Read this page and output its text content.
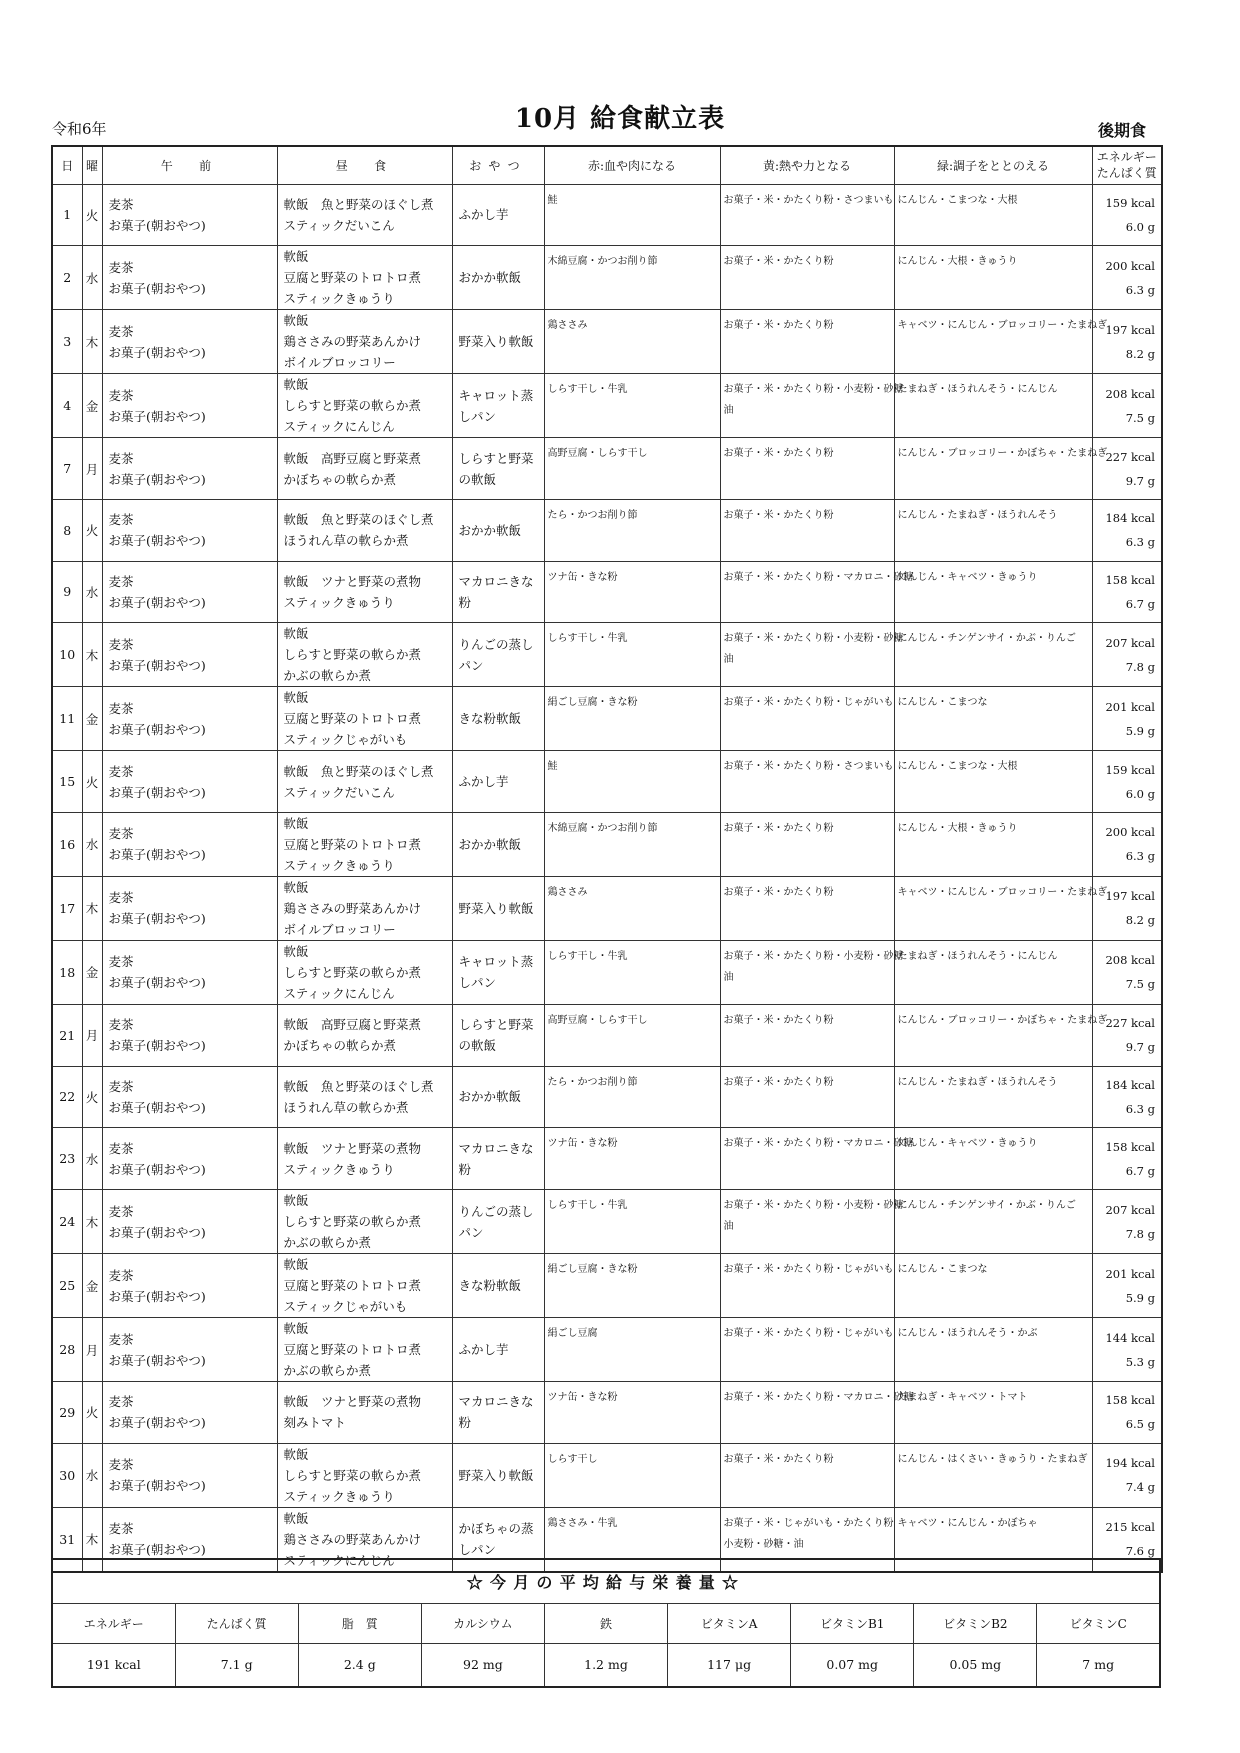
令和6年	10月 給食献立表	後期食
日	曜	午　前	昼　食	おやつ	赤:血や肉になる	黄:熱や力となる	緑:調子をととのえる	エネルギー
たんぱく質

1	火	麦茶
お菓子(朝おやつ)	軟飯　魚と野菜のほぐし煮
スティックだいこん	ふかし芋	鮭	お菓子・米・かたくり粉・さつまいも	にんじん・こまつな・大根	159 kcal
6.0 g

2	水	麦茶
お菓子(朝おやつ)	軟飯
豆腐と野菜のトロトロ煮
スティックきゅうり	おかか軟飯	木綿豆腐・かつお削り節	お菓子・米・かたくり粉	にんじん・大根・きゅうり	200 kcal
6.3 g

3	木	麦茶
お菓子(朝おやつ)	軟飯
鶏ささみの野菜あんかけ
ボイルブロッコリー	野菜入り軟飯	鶏ささみ	お菓子・米・かたくり粉	キャベツ・にんじん・ブロッコリー・たまねぎ	197 kcal
8.2 g

4	金	麦茶
お菓子(朝おやつ)	軟飯
しらすと野菜の軟らか煮
スティックにんじん	キャロット蒸しパン	しらす干し・牛乳	お菓子・米・かたくり粉・小麦粉・砂糖
油	たまねぎ・ほうれんそう・にんじん	208 kcal
7.5 g

7	月	麦茶
お菓子(朝おやつ)	軟飯　高野豆腐と野菜煮
かぼちゃの軟らか煮	しらすと野菜の軟飯	高野豆腐・しらす干し	お菓子・米・かたくり粉	にんじん・ブロッコリー・かぼちゃ・たまねぎ	227 kcal
9.7 g

8	火	麦茶
お菓子(朝おやつ)	軟飯　魚と野菜のほぐし煮
ほうれん草の軟らか煮	おかか軟飯	たら・かつお削り節	お菓子・米・かたくり粉	にんじん・たまねぎ・ほうれんそう	184 kcal
6.3 g

9	水	麦茶
お菓子(朝おやつ)	軟飯　ツナと野菜の煮物
スティックきゅうり	マカロニきな粉	ツナ缶・きな粉	お菓子・米・かたくり粉・マカロニ・砂糖	にんじん・キャベツ・きゅうり	158 kcal
6.7 g

10	木	麦茶
お菓子(朝おやつ)	軟飯
しらすと野菜の軟らか煮
かぶの軟らか煮	りんごの蒸しパン	しらす干し・牛乳	お菓子・米・かたくり粉・小麦粉・砂糖
油	にんじん・チンゲンサイ・かぶ・りんご	207 kcal
7.8 g

11	金	麦茶
お菓子(朝おやつ)	軟飯
豆腐と野菜のトロトロ煮
スティックじゃがいも	きな粉軟飯	絹ごし豆腐・きな粉	お菓子・米・かたくり粉・じゃがいも	にんじん・こまつな	201 kcal
5.9 g

15	火	麦茶
お菓子(朝おやつ)	軟飯　魚と野菜のほぐし煮
スティックだいこん	ふかし芋	鮭	お菓子・米・かたくり粉・さつまいも	にんじん・こまつな・大根	159 kcal
6.0 g

16	水	麦茶
お菓子(朝おやつ)	軟飯
豆腐と野菜のトロトロ煮
スティックきゅうり	おかか軟飯	木綿豆腐・かつお削り節	お菓子・米・かたくり粉	にんじん・大根・きゅうり	200 kcal
6.3 g

17	木	麦茶
お菓子(朝おやつ)	軟飯
鶏ささみの野菜あんかけ
ボイルブロッコリー	野菜入り軟飯	鶏ささみ	お菓子・米・かたくり粉	キャベツ・にんじん・ブロッコリー・たまねぎ	197 kcal
8.2 g

18	金	麦茶
お菓子(朝おやつ)	軟飯
しらすと野菜の軟らか煮
スティックにんじん	キャロット蒸しパン	しらす干し・牛乳	お菓子・米・かたくり粉・小麦粉・砂糖
油	たまねぎ・ほうれんそう・にんじん	208 kcal
7.5 g

21	月	麦茶
お菓子(朝おやつ)	軟飯　高野豆腐と野菜煮
かぼちゃの軟らか煮	しらすと野菜の軟飯	高野豆腐・しらす干し	お菓子・米・かたくり粉	にんじん・ブロッコリー・かぼちゃ・たまねぎ	227 kcal
9.7 g

22	火	麦茶
お菓子(朝おやつ)	軟飯　魚と野菜のほぐし煮
ほうれん草の軟らか煮	おかか軟飯	たら・かつお削り節	お菓子・米・かたくり粉	にんじん・たまねぎ・ほうれんそう	184 kcal
6.3 g

23	水	麦茶
お菓子(朝おやつ)	軟飯　ツナと野菜の煮物
スティックきゅうり	マカロニきな粉	ツナ缶・きな粉	お菓子・米・かたくり粉・マカロニ・砂糖	にんじん・キャベツ・きゅうり	158 kcal
6.7 g

24	木	麦茶
お菓子(朝おやつ)	軟飯
しらすと野菜の軟らか煮
かぶの軟らか煮	りんごの蒸しパン	しらす干し・牛乳	お菓子・米・かたくり粉・小麦粉・砂糖
油	にんじん・チンゲンサイ・かぶ・りんご	207 kcal
7.8 g

25	金	麦茶
お菓子(朝おやつ)	軟飯
豆腐と野菜のトロトロ煮
スティックじゃがいも	きな粉軟飯	絹ごし豆腐・きな粉	お菓子・米・かたくり粉・じゃがいも	にんじん・こまつな	201 kcal
5.9 g

28	月	麦茶
お菓子(朝おやつ)	軟飯
豆腐と野菜のトロトロ煮
かぶの軟らか煮	ふかし芋	絹ごし豆腐	お菓子・米・かたくり粉・じゃがいも	にんじん・ほうれんそう・かぶ	144 kcal
5.3 g

29	火	麦茶
お菓子(朝おやつ)	軟飯　ツナと野菜の煮物
刻みトマト	マカロニきな粉	ツナ缶・きな粉	お菓子・米・かたくり粉・マカロニ・砂糖	たまねぎ・キャベツ・トマト	158 kcal
6.5 g

30	水	麦茶
お菓子(朝おやつ)	軟飯
しらすと野菜の軟らか煮
スティックきゅうり	野菜入り軟飯	しらす干し	お菓子・米・かたくり粉	にんじん・はくさい・きゅうり・たまねぎ	194 kcal
7.4 g

31	木	麦茶
お菓子(朝おやつ)	軟飯
鶏ささみの野菜あんかけ
スティックにんじん	かぼちゃの蒸しパン	鶏ささみ・牛乳	お菓子・米・じゃがいも・かたくり粉
小麦粉・砂糖・油	キャベツ・にんじん・かぼちゃ	215 kcal
7.6 g
☆今月の平均給与栄養量☆								
エネルギー	たんぱく質	脂　質	カルシウム	鉄	ビタミンA	ビタミンB1	ビタミンB2	ビタミンC
191 kcal	7.1 g	2.4 g	92 mg	1.2 mg	117 μg	0.07 mg	0.05 mg	7 mg
